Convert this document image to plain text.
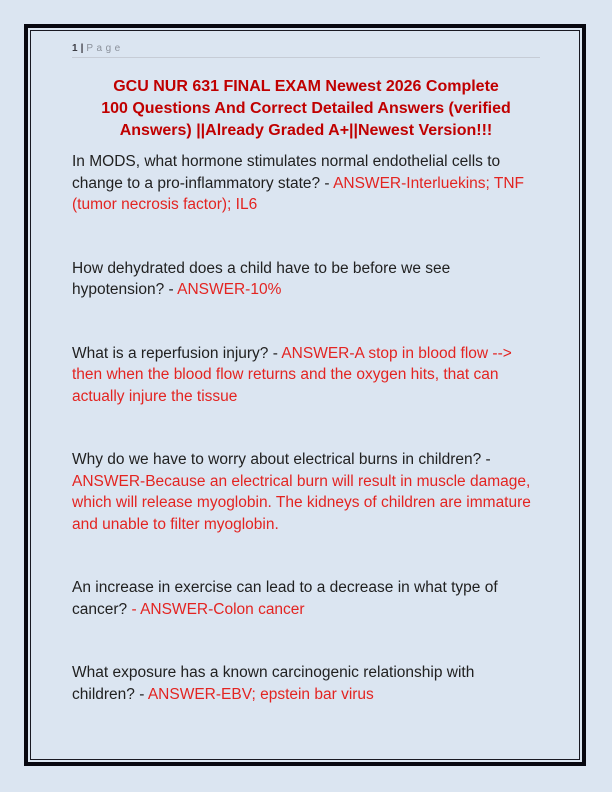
1 | Page
GCU NUR 631 FINAL EXAM Newest 2026 Complete
100 Questions And Correct Detailed Answers (verified
Answers) ||Already Graded A+||Newest Version!!!

In MODS, what hormone stimulates normal endothelial cells to change to a pro-inflammatory state? - ANSWER-Interluekins; TNF (tumor necrosis factor); IL6

How dehydrated does a child have to be before we see hypotension? - ANSWER-10%

What is a reperfusion injury? - ANSWER-A stop in blood flow --> then when the blood flow returns and the oxygen hits, that can actually injure the tissue

Why do we have to worry about electrical burns in children? - ANSWER-Because an electrical burn will result in muscle damage, which will release myoglobin. The kidneys of children are immature and unable to filter myoglobin.

An increase in exercise can lead to a decrease in what type of cancer? - ANSWER-Colon cancer

What exposure has a known carcinogenic relationship with children? - ANSWER-EBV; epstein bar virus
